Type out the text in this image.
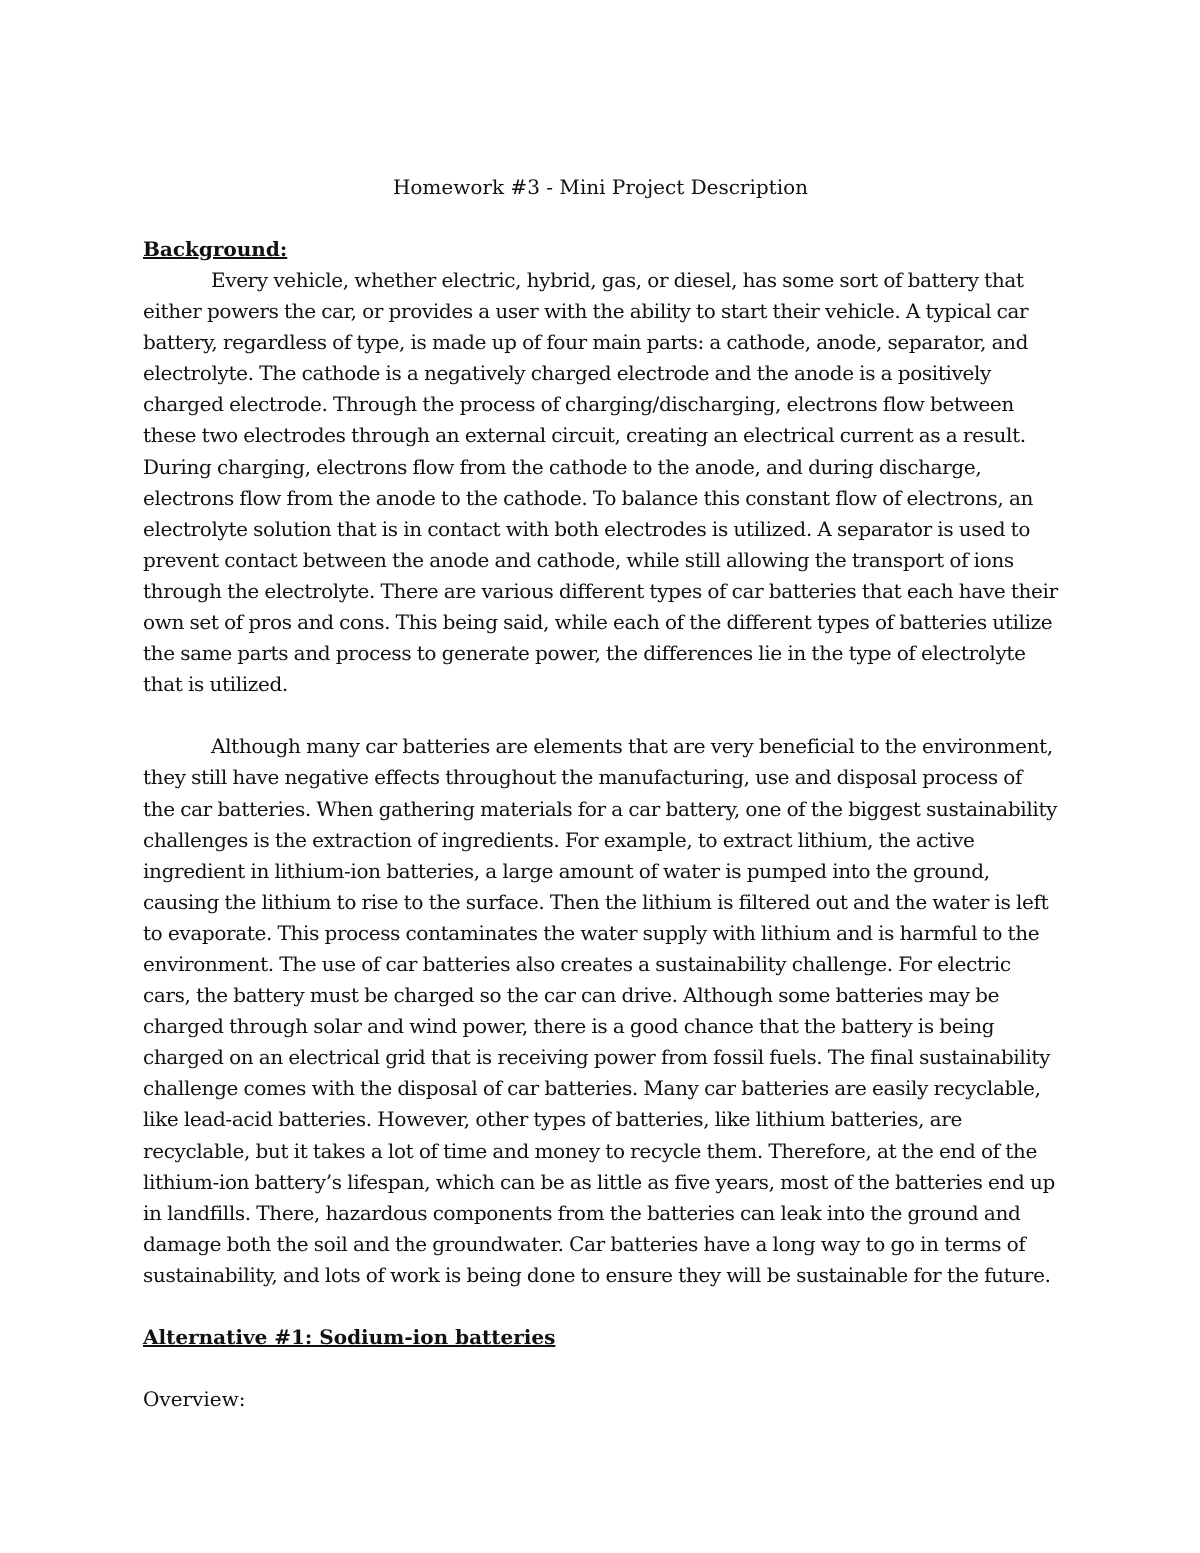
Homework #3 - Mini Project Description
Background:

Every vehicle, whether electric, hybrid, gas, or diesel, has some sort of battery that either powers the car, or provides a user with the ability to start their vehicle. A typical car battery, regardless of type, is made up of four main parts: a cathode, anode, separator, and electrolyte. The cathode is a negatively charged electrode and the anode is a positively charged electrode. Through the process of charging/discharging, electrons flow between these two electrodes through an external circuit, creating an electrical current as a result. During charging, electrons flow from the cathode to the anode, and during discharge, electrons flow from the anode to the cathode. To balance this constant flow of electrons, an electrolyte solution that is in contact with both electrodes is utilized. A separator is used to prevent contact between the anode and cathode, while still allowing the transport of ions through the electrolyte. There are various different types of car batteries that each have their own set of pros and cons. This being said, while each of the different types of batteries utilize the same parts and process to generate power, the differences lie in the type of electrolyte that is utilized.

Although many car batteries are elements that are very beneficial to the environment, they still have negative effects throughout the manufacturing, use and disposal process of the car batteries. When gathering materials for a car battery, one of the biggest sustainability challenges is the extraction of ingredients. For example, to extract lithium, the active ingredient in lithium-ion batteries, a large amount of water is pumped into the ground, causing the lithium to rise to the surface. Then the lithium is filtered out and the water is left to evaporate. This process contaminates the water supply with lithium and is harmful to the environment. The use of car batteries also creates a sustainability challenge. For electric cars, the battery must be charged so the car can drive. Although some batteries may be charged through solar and wind power, there is a good chance that the battery is being charged on an electrical grid that is receiving power from fossil fuels. The final sustainability challenge comes with the disposal of car batteries. Many car batteries are easily recyclable, like lead-acid batteries. However, other types of batteries, like lithium batteries, are recyclable, but it takes a lot of time and money to recycle them. Therefore, at the end of the lithium-ion battery’s lifespan, which can be as little as five years, most of the batteries end up in landfills. There, hazardous components from the batteries can leak into the ground and damage both the soil and the groundwater. Car batteries have a long way to go in terms of sustainability, and lots of work is being done to ensure they will be sustainable for the future.

Alternative #1: Sodium-ion batteries
Overview:
